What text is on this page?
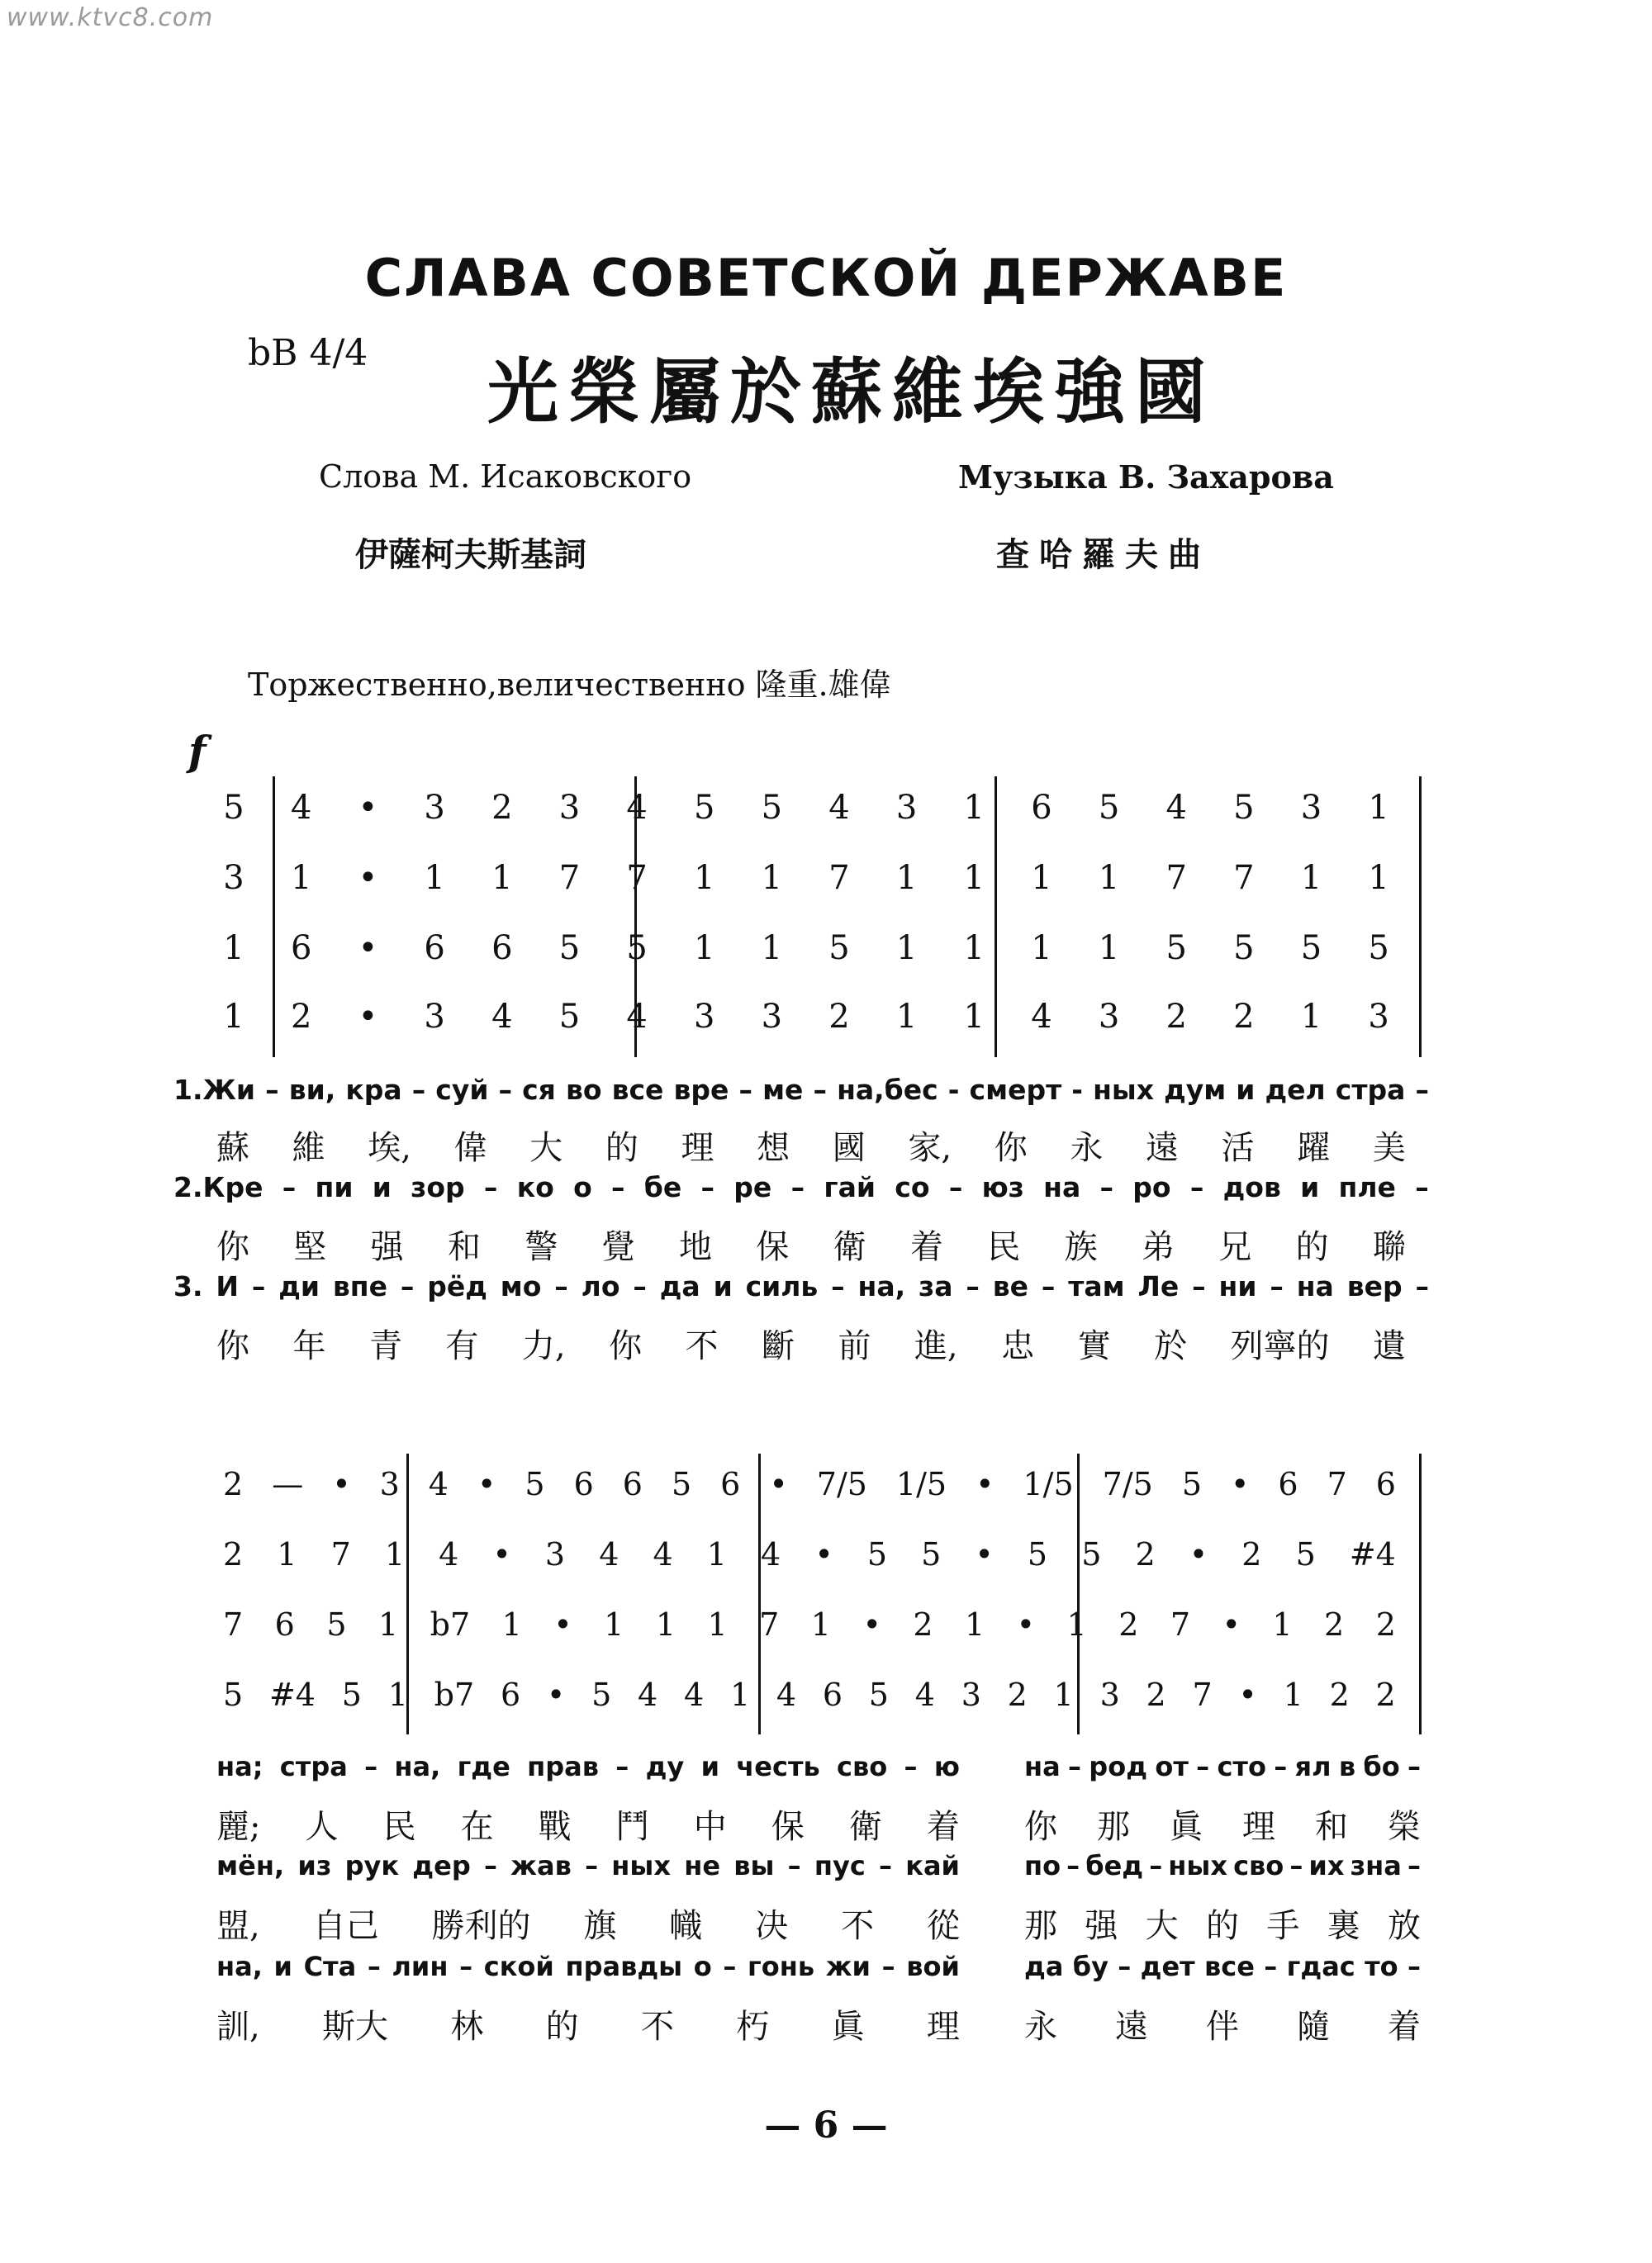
www.ktvc8.com
СЛАВА СОВЕТСКОЙ ДЕРЖАВЕ
bB 4/4 光榮屬於蘇維埃強國
Слова М. Исаковского	Музыка В. Захарова
伊薩柯夫斯基詞	查哈羅夫曲
Торжественно,величественно 隆重.雄偉
f
5
3
1
1
4 • 3 2 3 4 5 5 4 3 1 6 5 4 5 3 1
1 • 1 1 7 7 1 1 7 1 1 1 1 7 7 1 1
6 • 6 6 5 5 1 1 5 1 1 1 1 5 5 5 5
2 • 3 4 5 4 3 3 2 1 1 4 3 2 2 1 3
1.Жи – ви, кра – суй – ся во все вре – ме – на,бес - смерт - ных дум и дел стра –
蘇 維 埃, 偉 大 的 理 想 國 家, 你 永 遠 活 躍 美
2.Кре – пи и зор – ко о – бе – ре – гай со – юз на – ро – дов и пле –
你 堅 强 和 警 覺 地 保 衛 着 民 族 弟 兄 的 聯
3. И – ди впе – рёд мо – ло – да и силь – на, за – ве – там Ле – ни – на вер –
你 年 青 有 力, 你 不 斷 前 進, 忠 實 於 列寧的 遺
2 — • 3 4 • 5 6 6 5 6 • 7/5 1/5 • 1/5 7/5 5 • 6 7 6
2 1 7 1 4 • 3 4 4 1 4 • 5 5 • 5 5 2 • 2 5 #4
7 6 5 1 b7 1 • 1 1 1 7 1 • 2 1 • 1 2 7 • 1 2 2
5 #4 5 1 b7 6 • 5 4 4 1 4 6 5 4 3 2 1 3 2 7 • 1 2 2
на; стра – на, где прав – ду и честь сво – ю
麗; 人 民 在 戰 鬥 中 保 衛 着
мён, из рук дер – жав – ных не вы – пус – кай
盟, 自己 勝利的 旗 幟 决 不 從
на, и Ста – лин – ской правды о – гонь жи – вой
訓, 斯大 林 的 不 朽 眞 理
на – род от – сто – ял в бо –
你 那 眞 理 和 榮
по – бед – ных сво – их зна –
那 强 大 的 手 裏 放
да бу – дет все – гдас то –
永 遠 伴 隨 着
— 6 —
